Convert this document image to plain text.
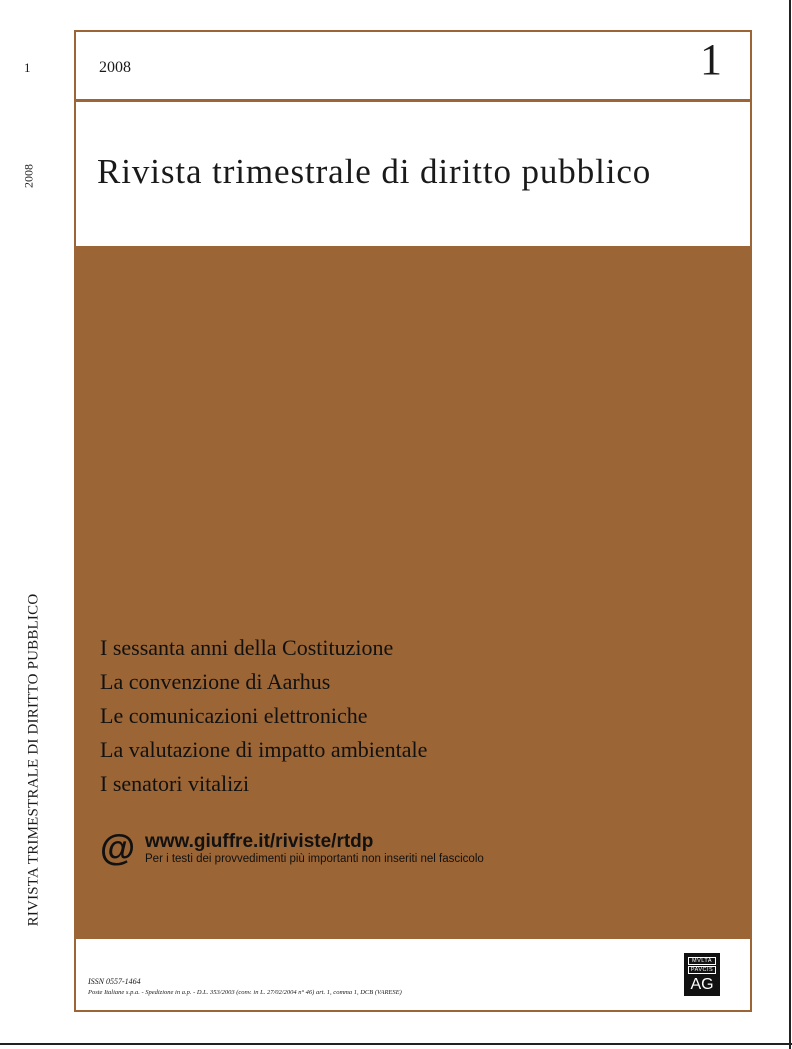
1
2008
RIVISTA TRIMESTRALE DI DIRITTO PUBBLICO
2008	1
Rivista trimestrale di diritto pubblico
I sessanta anni della Costituzione
La convenzione di Aarhus
Le comunicazioni elettroniche
La valutazione di impatto ambientale
I senatori vitalizi
@ www.giuffre.it/riviste/rtdp
Per i testi dei provvedimenti più importanti non inseriti nel fascicolo
ISSN 0557-1464
Poste Italiane s.p.a. - Spedizione in a.p. - D.L. 353/2003 (conv. in L. 27/02/2004 n° 46) art. 1, comma 1, DCB (VARESE)
MVLTA
PAVCIS
AG
